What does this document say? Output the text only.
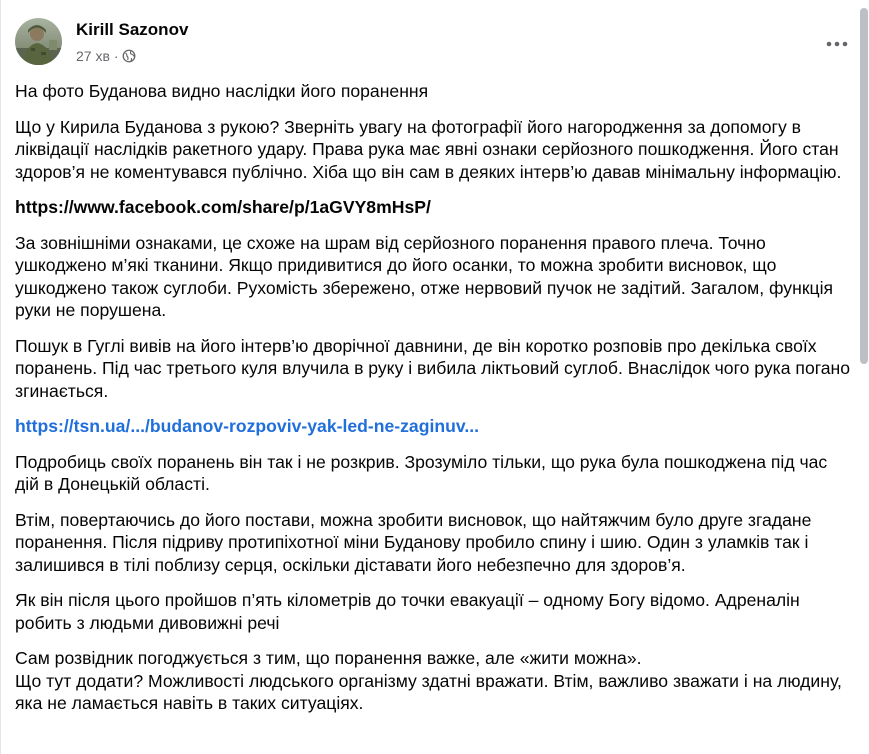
Kirill Sazonov
27 хв ·

На фото Буданова видно наслідки його поранення

Що у Кирила Буданова з рукою? Зверніть увагу на фотографії його нагородження за допомогу в ліквідації наслідків ракетного удару. Права рука має явні ознаки серйозного пошкодження. Його стан здоров’я не коментувався публічно. Хіба що він сам в деяких інтерв’ю давав мінімальну інформацію.

https://www.facebook.com/share/p/1aGVY8mHsP/

За зовнішніми ознаками, це схоже на шрам від серйозного поранення правого плеча. Точно ушкоджено м’які тканини. Якщо придивитися до його осанки, то можна зробити висновок, що ушкоджено також суглоби. Рухомість збережено, отже нервовий пучок не задітий. Загалом, функція руки не порушена.

Пошук в Гуглі вивів на його інтерв’ю дворічної давнини, де він коротко розповів про декілька своїх поранень. Під час третього куля влучила в руку і вибила ліктьовий суглоб. Внаслідок чого рука погано згинається.

https://tsn.ua/.../budanov-rozpoviv-yak-led-ne-zaginuv...

Подробиць своїх поранень він так і не розкрив. Зрозуміло тільки, що рука була пошкоджена під час дій в Донецькій області.

Втім, повертаючись до його постави, можна зробити висновок, що найтяжчим було друге згадане поранення. Після підриву протипіхотної міни Буданову пробило спину і шию. Один з уламків так і залишився в тілі поблизу серця, оскільки діставати його небезпечно для здоров’я.

Як він після цього пройшов п’ять кілометрів до точки евакуації – одному Богу відомо. Адреналін робить з людьми дивовижні речі

Сам розвідник погоджується з тим, що поранення важке, але «жити можна».

Що тут додати? Можливості людського організму здатні вражати. Втім, важливо зважати і на людину, яка не ламається навіть в таких ситуаціях.
